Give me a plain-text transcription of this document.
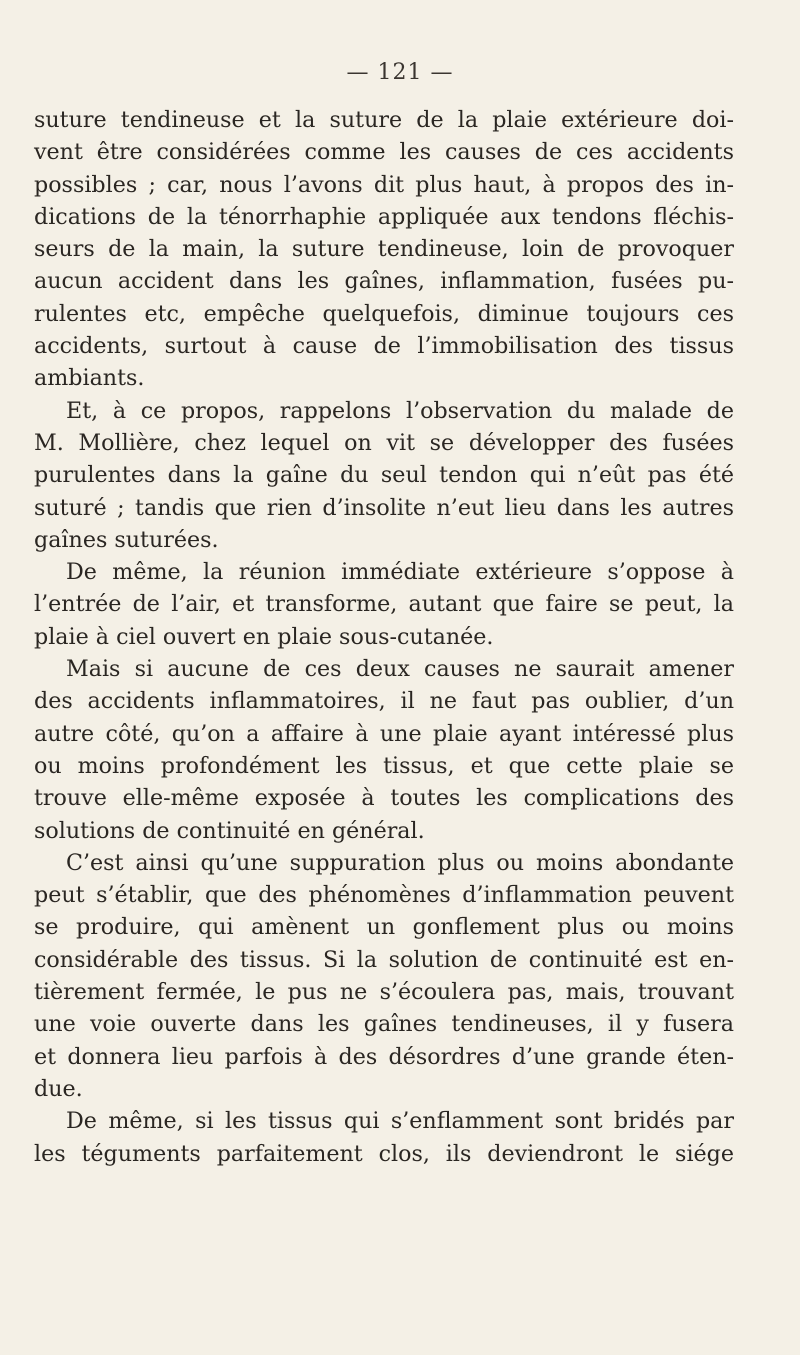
— 121 —
suture tendineuse et la suture de la plaie extérieure doi-
vent être considérées comme les causes de ces accidents
possibles ; car, nous l’avons dit plus haut, à propos des in-
dications de la ténorrhaphie appliquée aux tendons fléchis-
seurs de la main, la suture tendineuse, loin de provoquer
aucun accident dans les gaînes, inflammation, fusées pu-
rulentes etc, empêche quelquefois, diminue toujours ces
accidents, surtout à cause de l’immobilisation des tissus
ambiants.
Et, à ce propos, rappelons l’observation du malade de
M. Mollière, chez lequel on vit se développer des fusées
purulentes dans la gaîne du seul tendon qui n’eût pas été
suturé ; tandis que rien d’insolite n’eut lieu dans les autres
gaînes suturées.
De même, la réunion immédiate extérieure s’oppose à
l’entrée de l’air, et transforme, autant que faire se peut, la
plaie à ciel ouvert en plaie sous-cutanée.
Mais si aucune de ces deux causes ne saurait amener
des accidents inflammatoires, il ne faut pas oublier, d’un
autre côté, qu’on a affaire à une plaie ayant intéressé plus
ou moins profondément les tissus, et que cette plaie se
trouve elle-même exposée à toutes les complications des
solutions de continuité en général.
C’est ainsi qu’une suppuration plus ou moins abondante
peut s’établir, que des phénomènes d’inflammation peuvent
se produire, qui amènent un gonflement plus ou moins
considérable des tissus. Si la solution de continuité est en-
tièrement fermée, le pus ne s’écoulera pas, mais, trouvant
une voie ouverte dans les gaînes tendineuses, il y fusera
et donnera lieu parfois à des désordres d’une grande éten-
due.
De même, si les tissus qui s’enflamment sont bridés par
les téguments parfaitement clos, ils deviendront le siége
